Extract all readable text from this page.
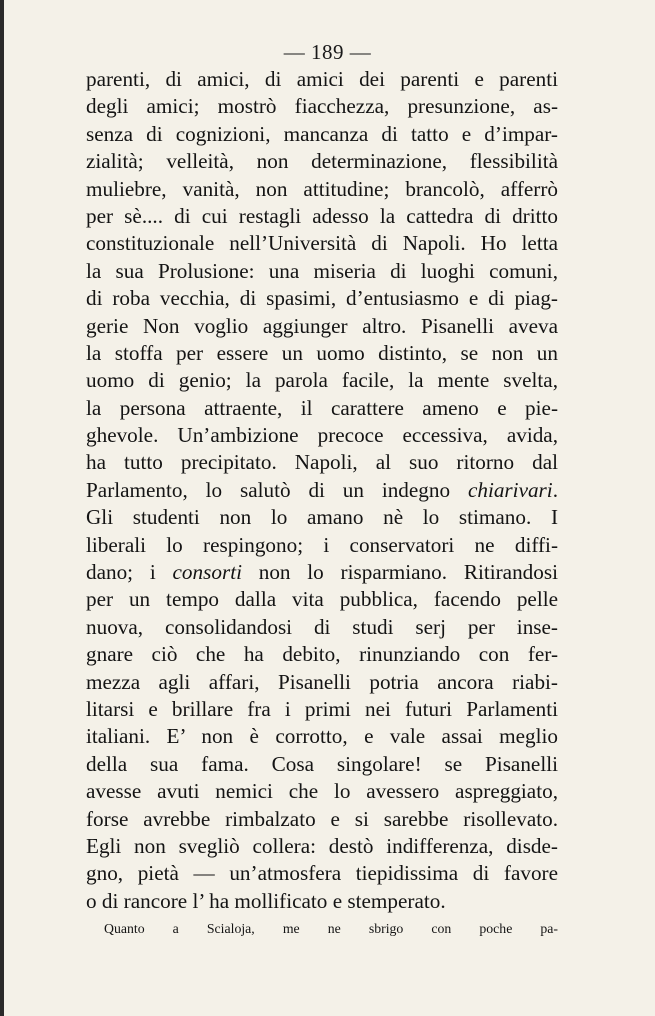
— 189 —
parenti, di amici, di amici dei parenti e parenti
degli amici; mostrò fiacchezza, presunzione, as-
senza di cognizioni, mancanza di tatto e d’impar-
zialità; velleità, non determinazione, flessibilità
muliebre, vanità, non attitudine; brancolò, afferrò
per sè.... di cui restagli adesso la cattedra di dritto
constituzionale nell’Università di Napoli. Ho letta
la sua Prolusione: una miseria di luoghi comuni,
di roba vecchia, di spasimi, d’entusiasmo e di piag-
gerie Non voglio aggiunger altro. Pisanelli aveva
la stoffa per essere un uomo distinto, se non un
uomo di genio; la parola facile, la mente svelta,
la persona attraente, il carattere ameno e pie-
ghevole. Un’ambizione precoce eccessiva, avida,
ha tutto precipitato. Napoli, al suo ritorno dal
Parlamento, lo salutò di un indegno chiarivari.
Gli studenti non lo amano nè lo stimano. I
liberali lo respingono; i conservatori ne diffi-
dano; i consorti non lo risparmiano. Ritirandosi
per un tempo dalla vita pubblica, facendo pelle
nuova, consolidandosi di studi serj per inse-
gnare ciò che ha debito, rinunziando con fer-
mezza agli affari, Pisanelli potria ancora riabi-
litarsi e brillare fra i primi nei futuri Parlamenti
italiani. E’ non è corrotto, e vale assai meglio
della sua fama. Cosa singolare! se Pisanelli
avesse avuti nemici che lo avessero aspreggiato,
forse avrebbe rimbalzato e si sarebbe risollevato.
Egli non svegliò collera: destò indifferenza, disde-
gno, pietà — un’atmosfera tiepidissima di favore
o di rancore l’ ha mollificato e stemperato.
Quanto a Scialoja, me ne sbrigo con poche pa-
